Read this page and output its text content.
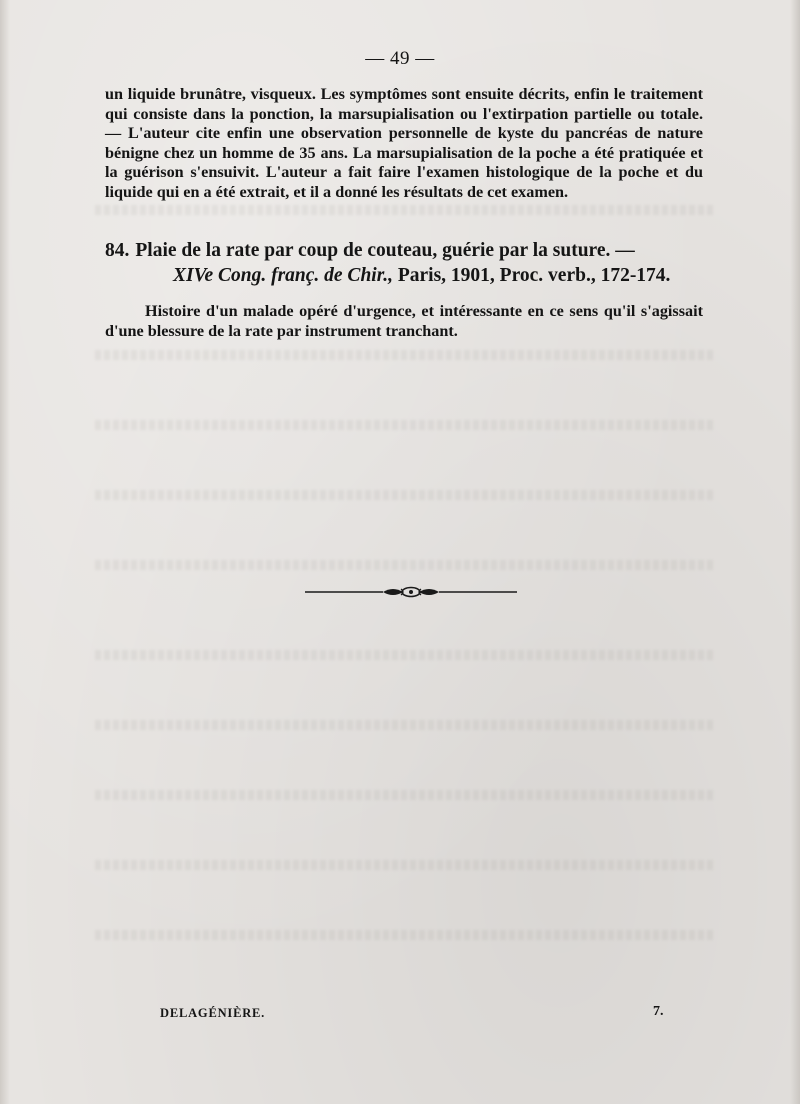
— 49 —

un liquide brunâtre, visqueux. Les symptômes sont ensuite décrits, enfin le traitement qui consiste dans la ponction, la marsupialisation ou l'extirpation partielle ou totale. — L'auteur cite enfin une observation personnelle de kyste du pancréas de nature bénigne chez un homme de 35 ans. La marsupialisation de la poche a été pratiquée et la guérison s'ensuivit. L'auteur a fait faire l'examen histologique de la poche et du liquide qui en a été extrait, et il a donné les résultats de cet examen.

84. Plaie de la rate par coup de couteau, guérie par la suture. —
XIVe Cong. franç. de Chir., Paris, 1901, Proc. verb., 172-174.

Histoire d'un malade opéré d'urgence, et intéressante en ce sens qu'il s'agissait d'une blessure de la rate par instrument tranchant.

DELAGÉNIÈRE.	7.
